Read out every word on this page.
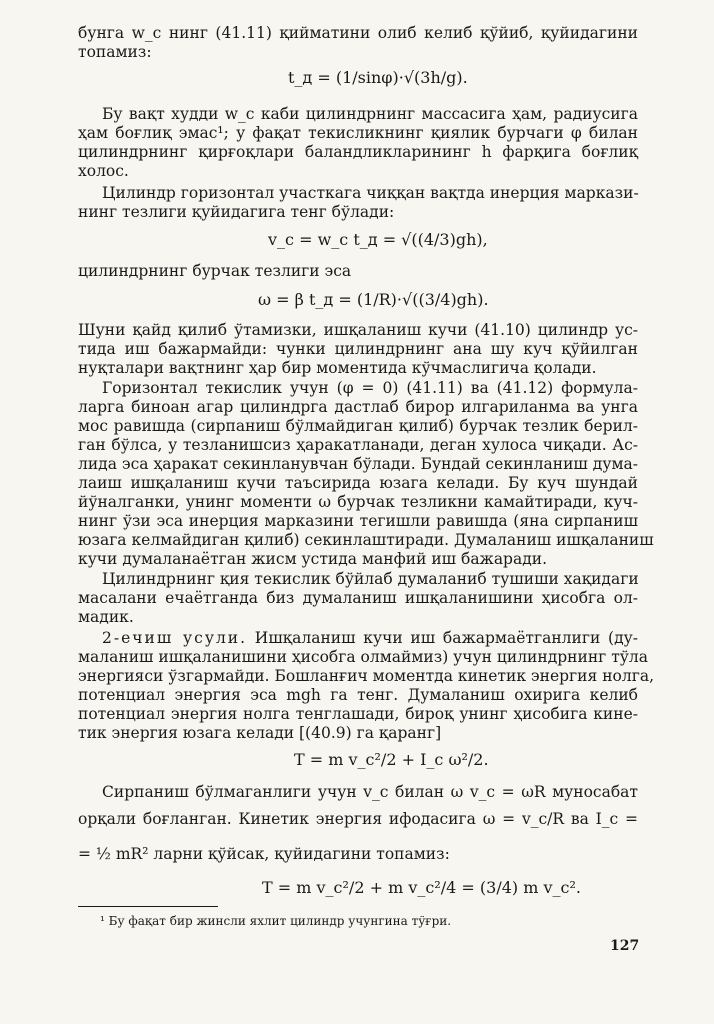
бунга w_c нинг (41.11) қийматини олиб келиб қўйиб, қуйидагини
топамиз:
t_д = (1/sinφ)·√(3h/g).
Бу вақт худди w_c каби цилиндрнинг массасига ҳам, радиусига
ҳам боғлиқ эмас¹; у фақат текисликнинг қиялик бурчаги φ билан
цилиндрнинг қирғоқлари баландликларининг h фарқига боғлиқ
холос.
Цилиндр горизонтал участкага чиққан вақтда инерция маркази-
нинг тезлиги қуйидагига тенг бўлади:
v_c = w_c t_д = √((4/3)gh),
цилиндрнинг бурчак тезлиги эса
ω = β t_д = (1/R)·√((3/4)gh).
Шуни қайд қилиб ўтамизки, ишқаланиш кучи (41.10) цилиндр ус-
тида иш бажармайди: чунки цилиндрнинг ана шу куч қўйилган
нуқталари вақтнинг ҳар бир моментида кўчмаслигича қолади.
Горизонтал текислик учун (φ = 0) (41.11) ва (41.12) формула-
ларга биноан агар цилиндрга дастлаб бирор илгариланма ва унга
мос равишда (сирпаниш бўлмайдиган қилиб) бурчак тезлик берил-
ган бўлса, у тезланишсиз ҳаракатланади, деган хулоса чиқади. Ас-
лида эса ҳаракат секинланувчан бўлади. Бундай секинланиш думa-
лаиш ишқаланиш кучи таъсирида юзага келади. Бу куч шундай
йўналганки, унинг моменти ω бурчак тезликни камайтиради, куч-
нинг ўзи эса инерция марказини тегишли равишда (яна сирпаниш
юзага келмайдиган қилиб) секинлаштиради. Думаланиш ишқаланиш
кучи думаланаётган жисм устида манфий иш бажаради.
Цилиндрнинг қия текислик бўйлаб думаланиб тушиши хақидаги
масалани ечаётганда биз думаланиш ишқаланишини ҳисобга ол-
мадик.
2-ечиш усули. Ишқаланиш кучи иш бажармаётганлиги (ду-
маланиш ишқаланишини ҳисобга олмаймиз) учун цилиндрнинг тўла
энергияси ўзгармайди. Бошланғич моментда кинетик энергия нолга,
потенциал энергия эса mgh га тенг. Думаланиш охирига келиб
потенциал энергия нолга тенглашади, бироқ унинг ҳисобига кине-
тик энергия юзага келади [(40.9) га қаранг]
T = m v_c²/2 + I_c ω²/2.
Сирпаниш бўлмаганлиги учун v_c билан ω v_c = ωR муносабат
орқали боғланган. Кинетик энергия ифодасига ω = v_c/R ва I_c =
= ½ mR² ларни қўйсак, қуйидагини топамиз:
T = m v_c²/2 + m v_c²/4 = (3/4) m v_c².
¹ Бу фақат бир жинсли яхлит цилиндр учунгина тўғри.
127
